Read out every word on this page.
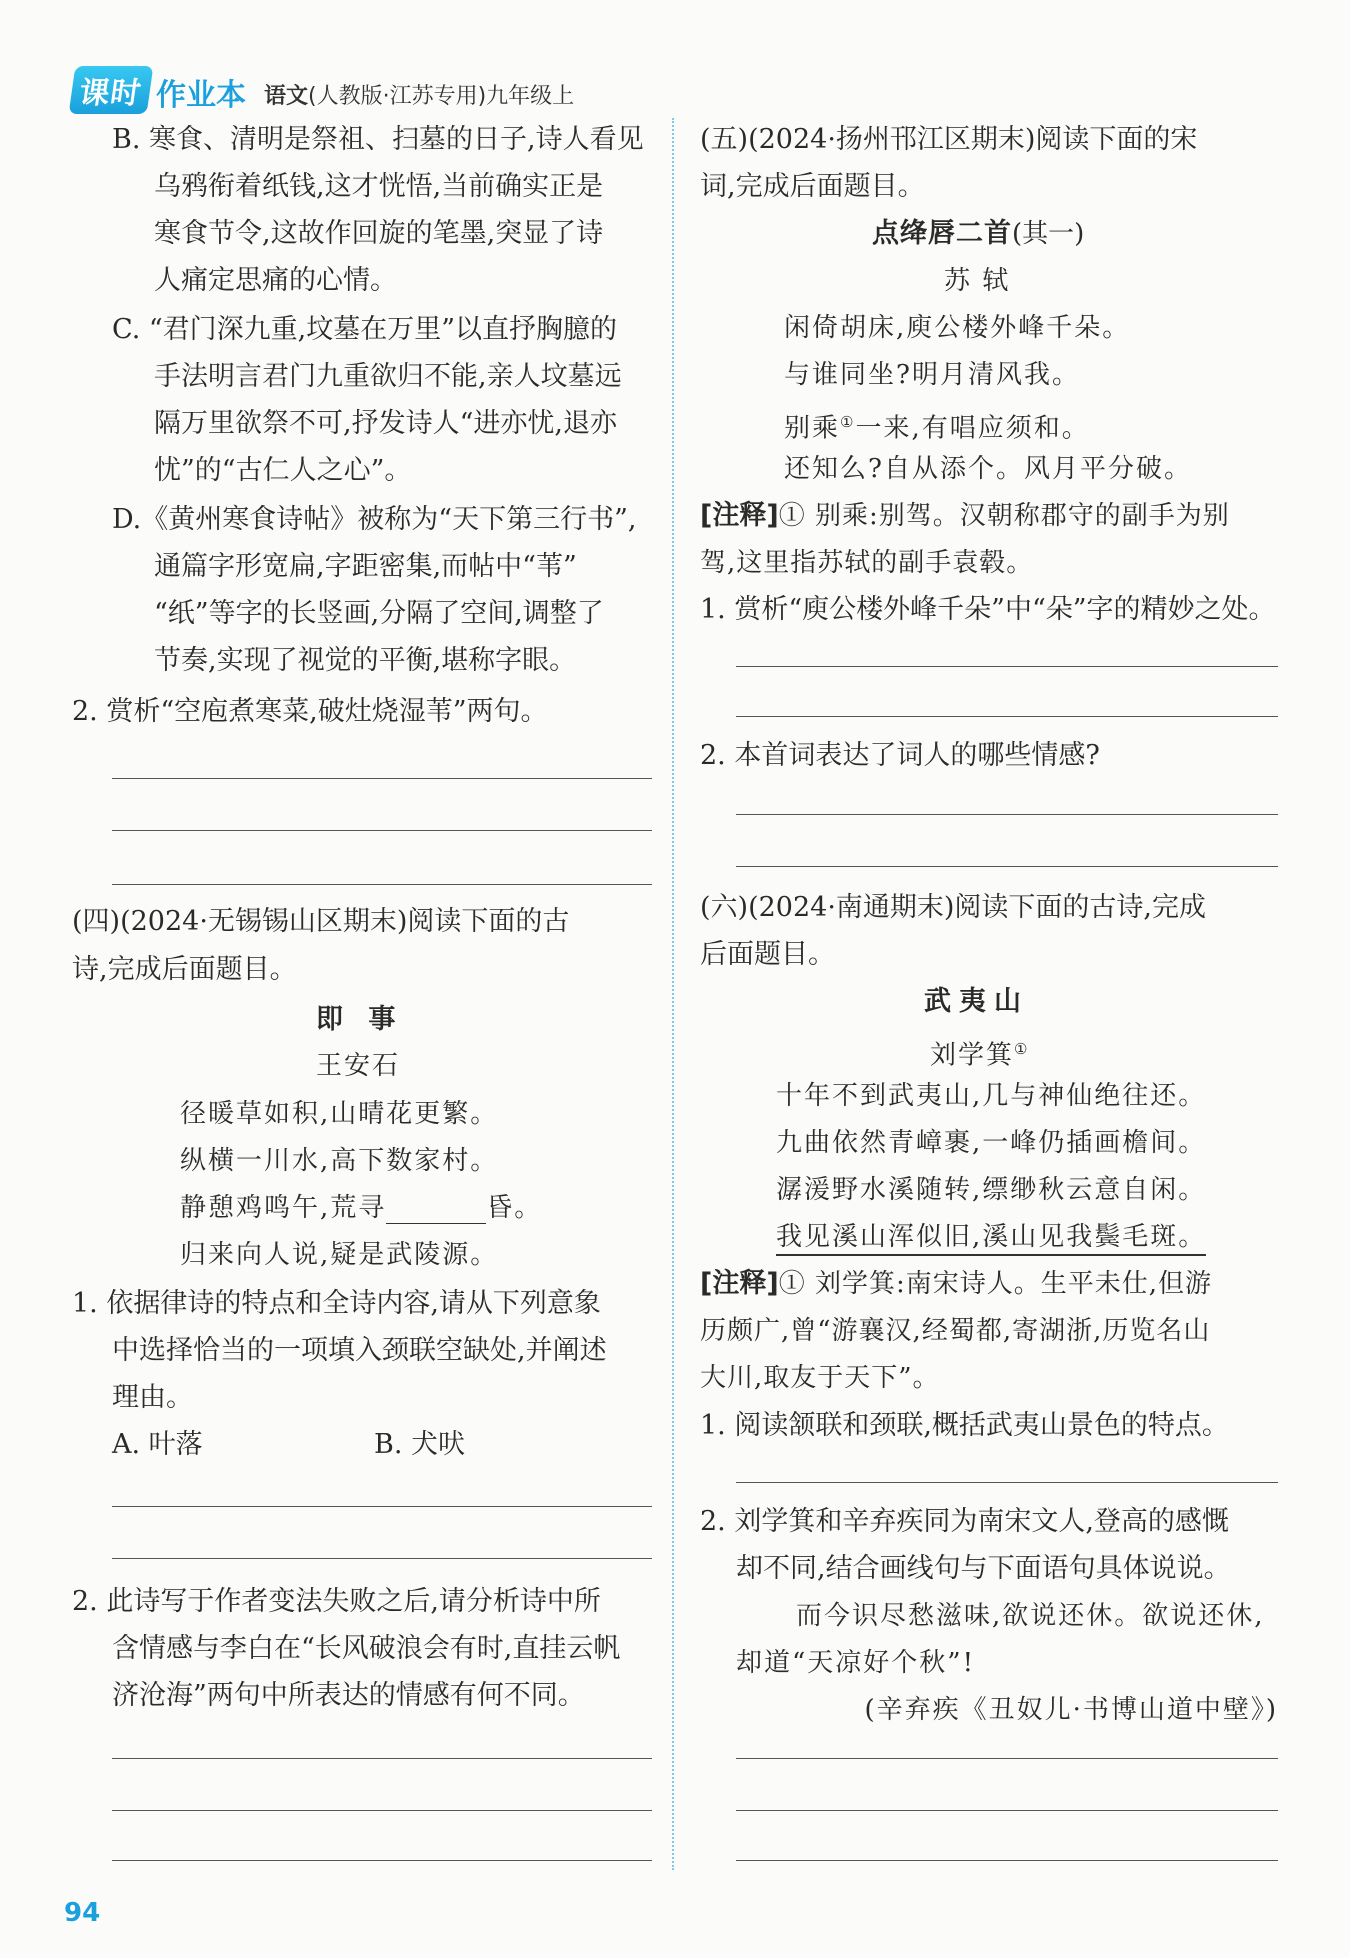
课时 作业本 语文(人教版·江苏专用)九年级上
B. 寒食、清明是祭祖、扫墓的日子,诗人看见
乌鸦衔着纸钱,这才恍悟,当前确实正是
寒食节令,这故作回旋的笔墨,突显了诗
人痛定思痛的心情。
C. “君门深九重,坟墓在万里”以直抒胸臆的
手法明言君门九重欲归不能,亲人坟墓远
隔万里欲祭不可,抒发诗人“进亦忧,退亦
忧”的“古仁人之心”。
D.《黄州寒食诗帖》被称为“天下第三行书”,
通篇字形宽扁,字距密集,而帖中“苇”
“纸”等字的长竖画,分隔了空间,调整了
节奏,实现了视觉的平衡,堪称字眼。
2. 赏析“空庖煮寒菜,破灶烧湿苇”两句。
(四)(2024·无锡锡山区期末)阅读下面的古
诗,完成后面题目。
即 事
王安石
径暖草如积,山晴花更繁。
纵横一川水,高下数家村。
静憩鸡鸣午,荒寻	昏。
归来向人说,疑是武陵源。
1. 依据律诗的特点和全诗内容,请从下列意象
中选择恰当的一项填入颈联空缺处,并阐述
理由。
A. 叶落	B. 犬吠
2. 此诗写于作者变法失败之后,请分析诗中所
含情感与李白在“长风破浪会有时,直挂云帆
济沧海”两句中所表达的情感有何不同。
(五)(2024·扬州邗江区期末)阅读下面的宋
词,完成后面题目。
点绛唇二首(其一)
苏 轼
闲倚胡床,庾公楼外峰千朵。
与谁同坐?明月清风我。
别乘①一来,有唱应须和。
还知么?自从添个。风月平分破。
[注释]① 别乘:别驾。汉朝称郡守的副手为别
驾,这里指苏轼的副手袁毂。
1. 赏析“庾公楼外峰千朵”中“朵”字的精妙之处。
2. 本首词表达了词人的哪些情感?
(六)(2024·南通期末)阅读下面的古诗,完成
后面题目。
武夷山
刘学箕①
十年不到武夷山,几与神仙绝往还。
九曲依然青嶂裹,一峰仍插画檐间。
潺湲野水溪随转,缥缈秋云意自闲。
我见溪山浑似旧,溪山见我鬓毛斑。
[注释]① 刘学箕:南宋诗人。生平未仕,但游
历颇广,曾“游襄汉,经蜀都,寄湖浙,历览名山
大川,取友于天下”。
1. 阅读颔联和颈联,概括武夷山景色的特点。
2. 刘学箕和辛弃疾同为南宋文人,登高的感慨
却不同,结合画线句与下面语句具体说说。
而今识尽愁滋味,欲说还休。欲说还休,
却道“天凉好个秋”!
(辛弃疾《丑奴儿·书博山道中壁》)
94
